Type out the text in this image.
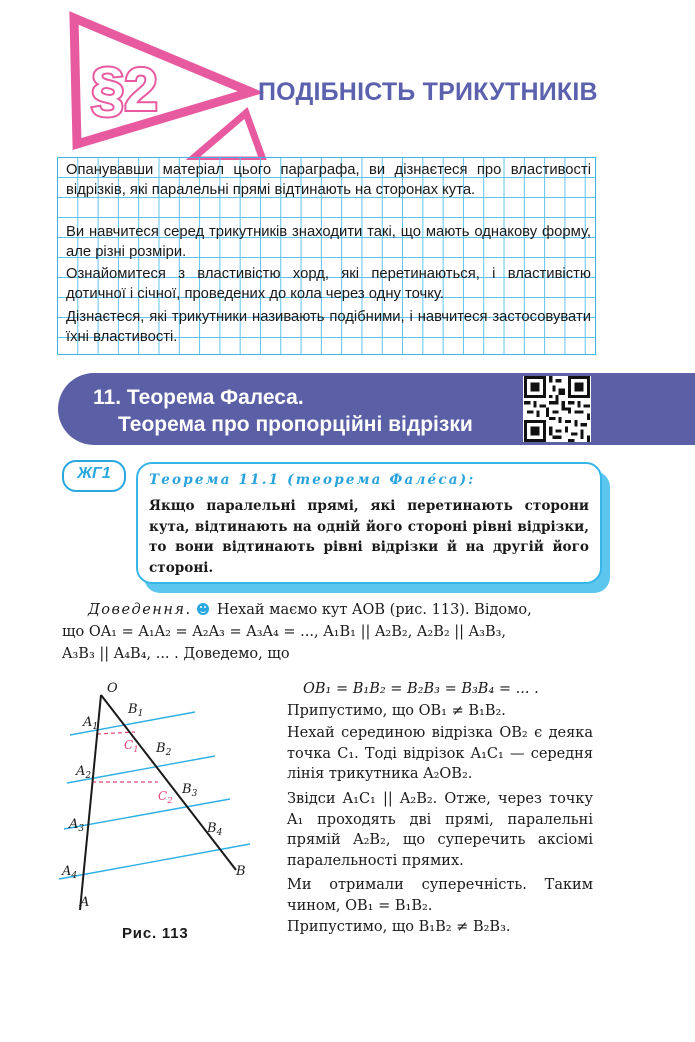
§2	ПОДІБНІСТЬ ТРИКУТНИКІВ

Опанувавши матеріал цього параграфа, ви дізнаєтеся про властивості відрізків, які паралельні прямі відтинають на сторонах кута.

Ви навчитеся серед трикутників знаходити такі, що мають однакову форму, але різні розміри.

Ознайомитеся з властивістю хорд, які перетинаються, і властивістю дотичної і січної, проведених до кола через одну точку.

Дізнаєтеся, які трикутники називають подібними, і навчитеся застосовувати їхні властивості.

11. Теорема Фалеса.
Теорема про пропорційні відрізки
ЖГ1	Теорема 11.1 (теорема Фале́са):
Якщо паралельні прямі, які перетинають сторони кута, відтинають на одній його стороні рівні відрізки, то вони відтинають рівні відрізки й на другій його стороні.
Доведення. Нехай маємо кут AOB (рис. 113). Відомо,
що OA₁ = A₁A₂ = A₂A₃ = A₃A₄ = ..., A₁B₁ || A₂B₂, A₂B₂ || A₃B₃,
A₃B₃ || A₄B₄, ... . Доведемо, що
O
A
B
$A_1$
$A_2$
$A_3$
$A_4$
$B_1$
$B_2$
$B_3$
$B_4$
$C_1$
$C_2$
Рис. 113
OB₁ = B₁B₂ = B₂B₃ = B₃B₄ = ... .
Припустимо, що OB₁ ≠ B₁B₂.
Нехай серединою відрізка OB₂ є деяка точка C₁. Тоді відрізок A₁C₁ — середня лінія трикутника A₂OB₂.
Звідси A₁C₁ || A₂B₂. Отже, через точку A₁ проходять дві прямі, паралельні прямій A₂B₂, що суперечить аксіомі паралельності прямих.
Ми отримали суперечність. Таким чином, OB₁ = B₁B₂.
Припустимо, що B₁B₂ ≠ B₂B₃.
